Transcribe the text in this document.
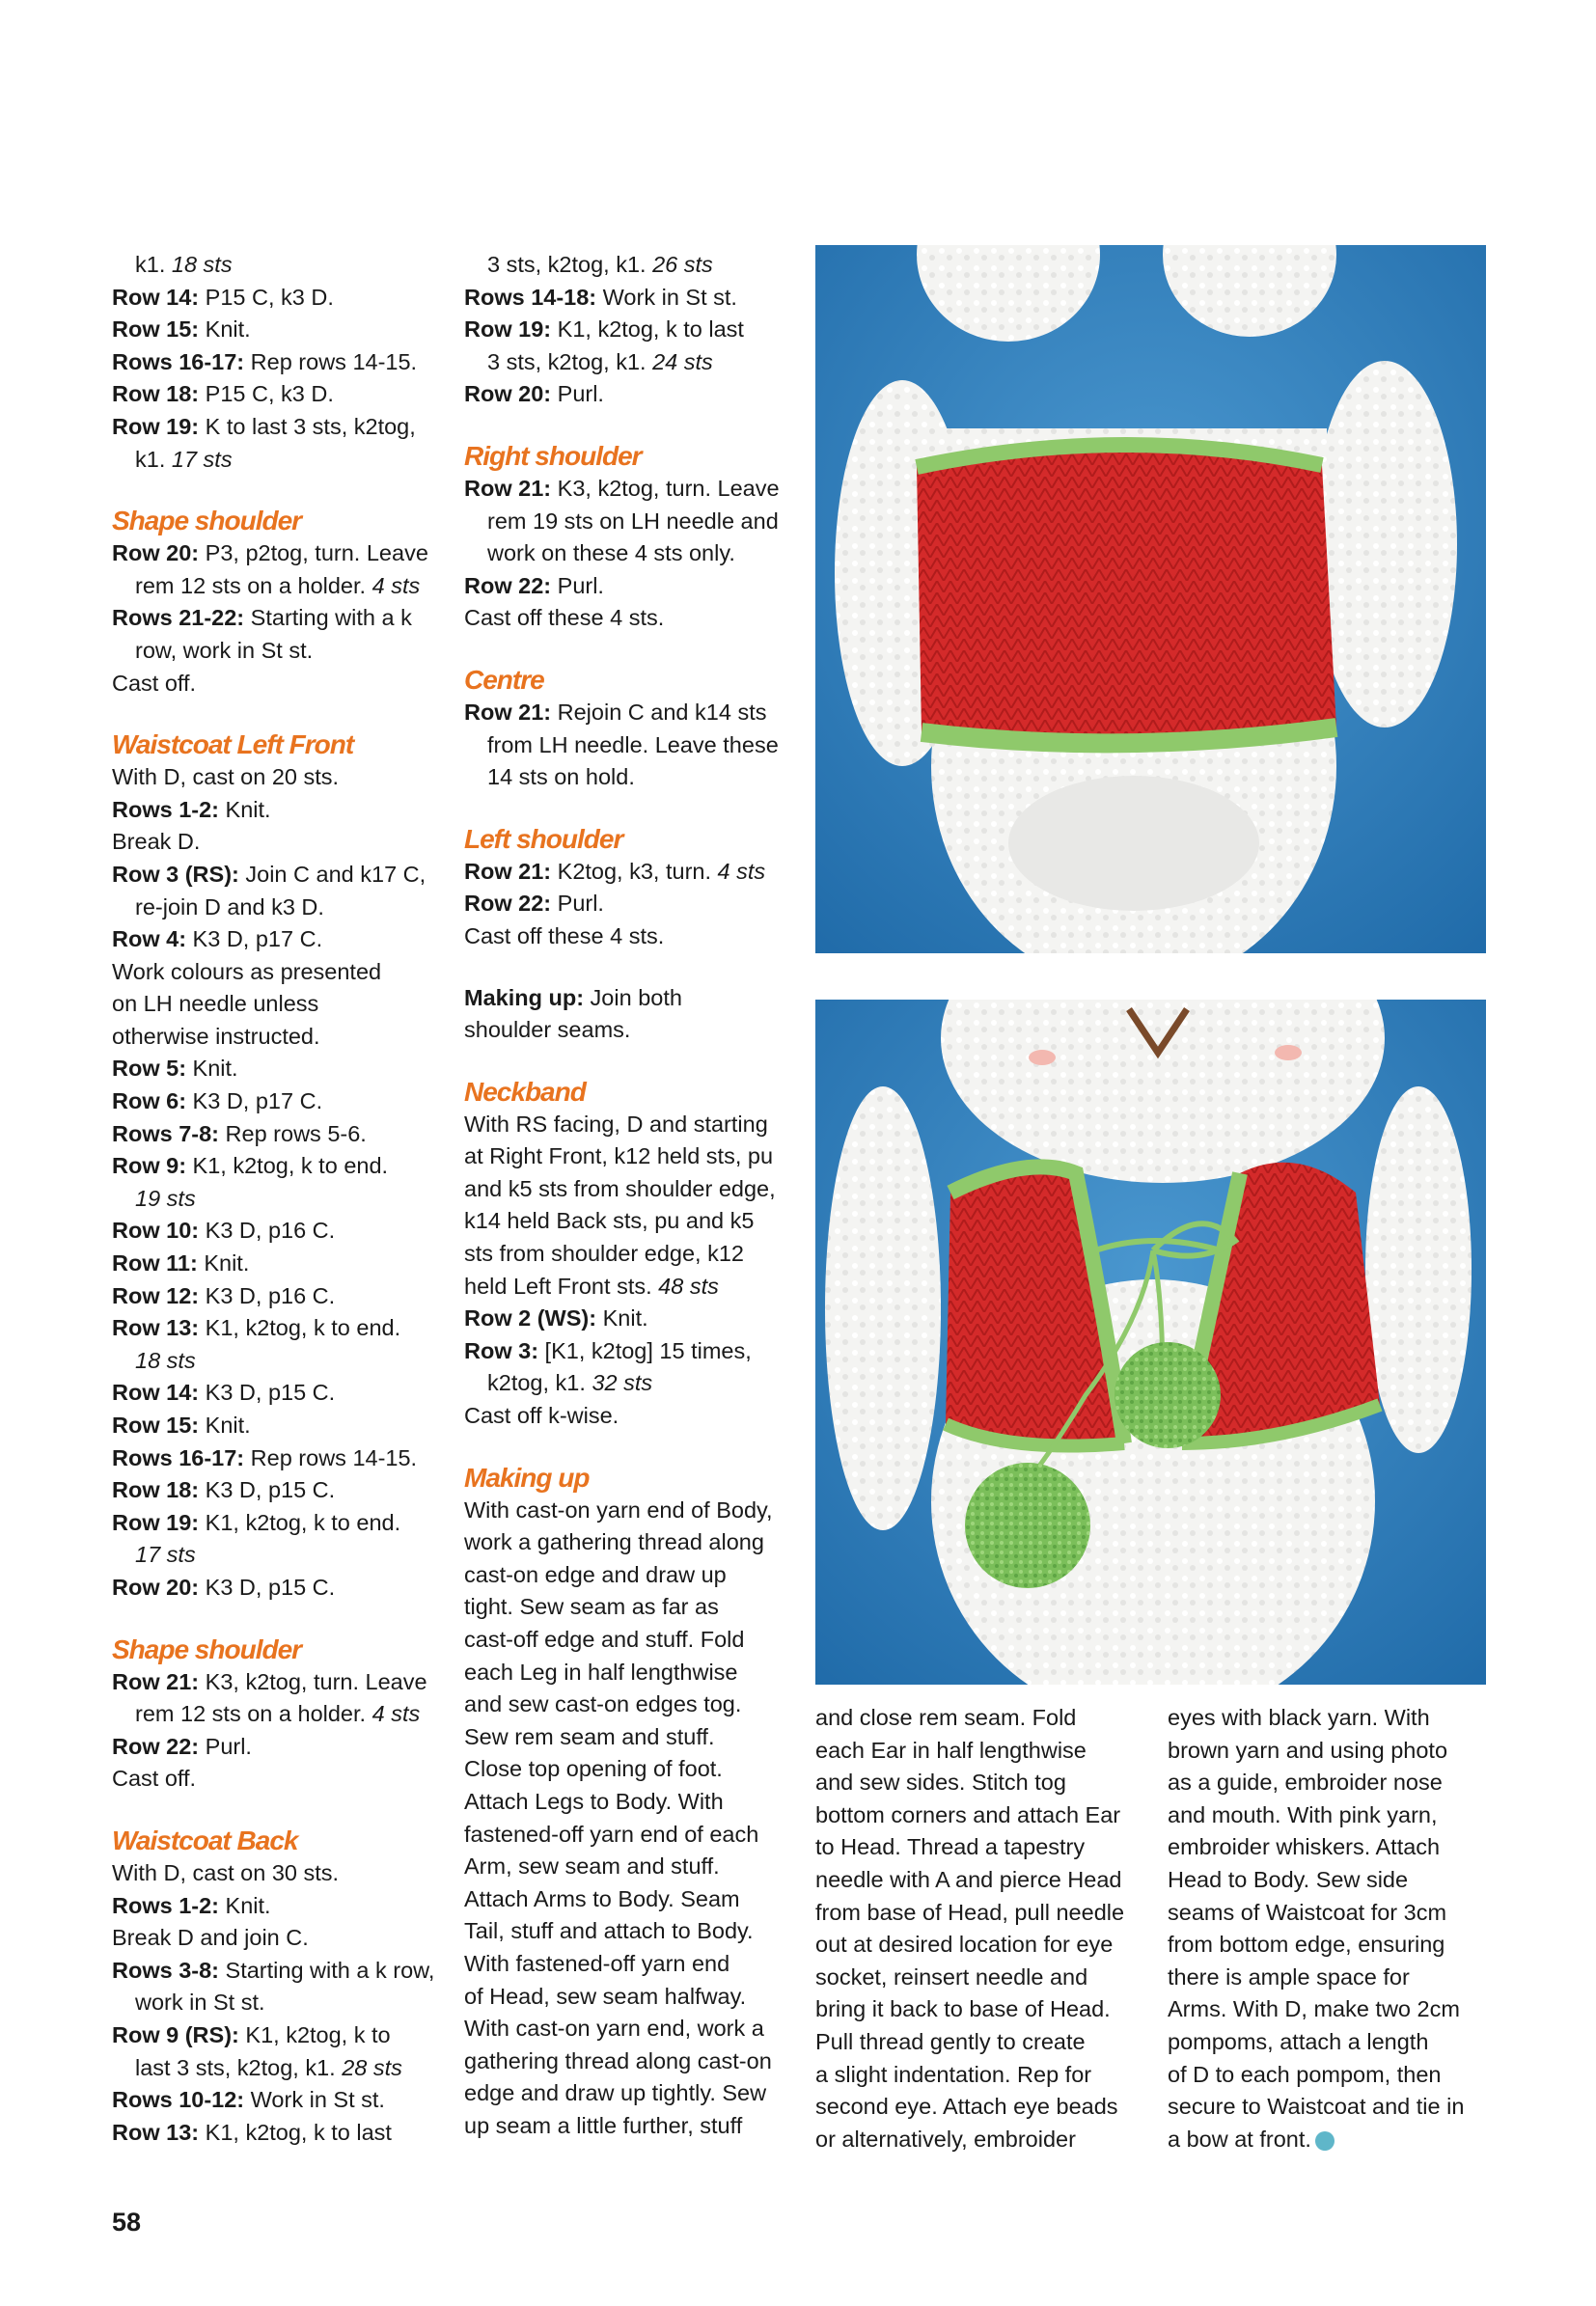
k1. 18 sts
Row 14: P15 C, k3 D.
Row 15: Knit.
Rows 16-17: Rep rows 14-15.
Row 18: P15 C, k3 D.
Row 19: K to last 3 sts, k2tog,
k1. 17 sts
Shape shoulder
Row 20: P3, p2tog, turn. Leave
rem 12 sts on a holder. 4 sts
Rows 21-22: Starting with a k
row, work in St st.
Cast off.
Waistcoat Left Front
With D, cast on 20 sts.
Rows 1-2: Knit.
Break D.
Row 3 (RS): Join C and k17 C,
re-join D and k3 D.
Row 4: K3 D, p17 C.
Work colours as presented
on LH needle unless
otherwise instructed.
Row 5: Knit.
Row 6: K3 D, p17 C.
Rows 7-8: Rep rows 5-6.
Row 9: K1, k2tog, k to end.
19 sts
Row 10: K3 D, p16 C.
Row 11: Knit.
Row 12: K3 D, p16 C.
Row 13: K1, k2tog, k to end.
18 sts
Row 14: K3 D, p15 C.
Row 15: Knit.
Rows 16-17: Rep rows 14-15.
Row 18: K3 D, p15 C.
Row 19: K1, k2tog, k to end.
17 sts
Row 20: K3 D, p15 C.
Shape shoulder
Row 21: K3, k2tog, turn. Leave
rem 12 sts on a holder. 4 sts
Row 22: Purl.
Cast off.
Waistcoat Back
With D, cast on 30 sts.
Rows 1-2: Knit.
Break D and join C.
Rows 3-8: Starting with a k row,
work in St st.
Row 9 (RS): K1, k2tog, k to
last 3 sts, k2tog, k1. 28 sts
Rows 10-12: Work in St st.
Row 13: K1, k2tog, k to last
3 sts, k2tog, k1. 26 sts
Rows 14-18: Work in St st.
Row 19: K1, k2tog, k to last
3 sts, k2tog, k1. 24 sts
Row 20: Purl.
Right shoulder
Row 21: K3, k2tog, turn. Leave
rem 19 sts on LH needle and
work on these 4 sts only.
Row 22: Purl.
Cast off these 4 sts.
Centre
Row 21: Rejoin C and k14 sts
from LH needle. Leave these
14 sts on hold.
Left shoulder
Row 21: K2tog, k3, turn. 4 sts
Row 22: Purl.
Cast off these 4 sts.
Making up: Join both
shoulder seams.
Neckband
With RS facing, D and starting
at Right Front, k12 held sts, pu
and k5 sts from shoulder edge,
k14 held Back sts, pu and k5
sts from shoulder edge, k12
held Left Front sts. 48 sts
Row 2 (WS): Knit.
Row 3: [K1, k2tog] 15 times,
k2tog, k1. 32 sts
Cast off k-wise.
Making up
With cast-on yarn end of Body,
work a gathering thread along
cast-on edge and draw up
tight. Sew seam as far as
cast-off edge and stuff. Fold
each Leg in half lengthwise
and sew cast-on edges tog.
Sew rem seam and stuff.
Close top opening of foot.
Attach Legs to Body. With
fastened-off yarn end of each
Arm, sew seam and stuff.
Attach Arms to Body. Seam
Tail, stuff and attach to Body.
With fastened-off yarn end
of Head, sew seam halfway.
With cast-on yarn end, work a
gathering thread along cast-on
edge and draw up tightly. Sew
up seam a little further, stuff
and close rem seam. Fold
each Ear in half lengthwise
and sew sides. Stitch tog
bottom corners and attach Ear
to Head. Thread a tapestry
needle with A and pierce Head
from base of Head, pull needle
out at desired location for eye
socket, reinsert needle and
bring it back to base of Head.
Pull thread gently to create
a slight indentation. Rep for
second eye. Attach eye beads
or alternatively, embroider
eyes with black yarn. With
brown yarn and using photo
as a guide, embroider nose
and mouth. With pink yarn,
embroider whiskers. Attach
Head to Body. Sew side
seams of Waistcoat for 3cm
from bottom edge, ensuring
there is ample space for
Arms. With D, make two 2cm
pompoms, attach a length
of D to each pompom, then
secure to Waistcoat and tie in
a bow at front.
58
